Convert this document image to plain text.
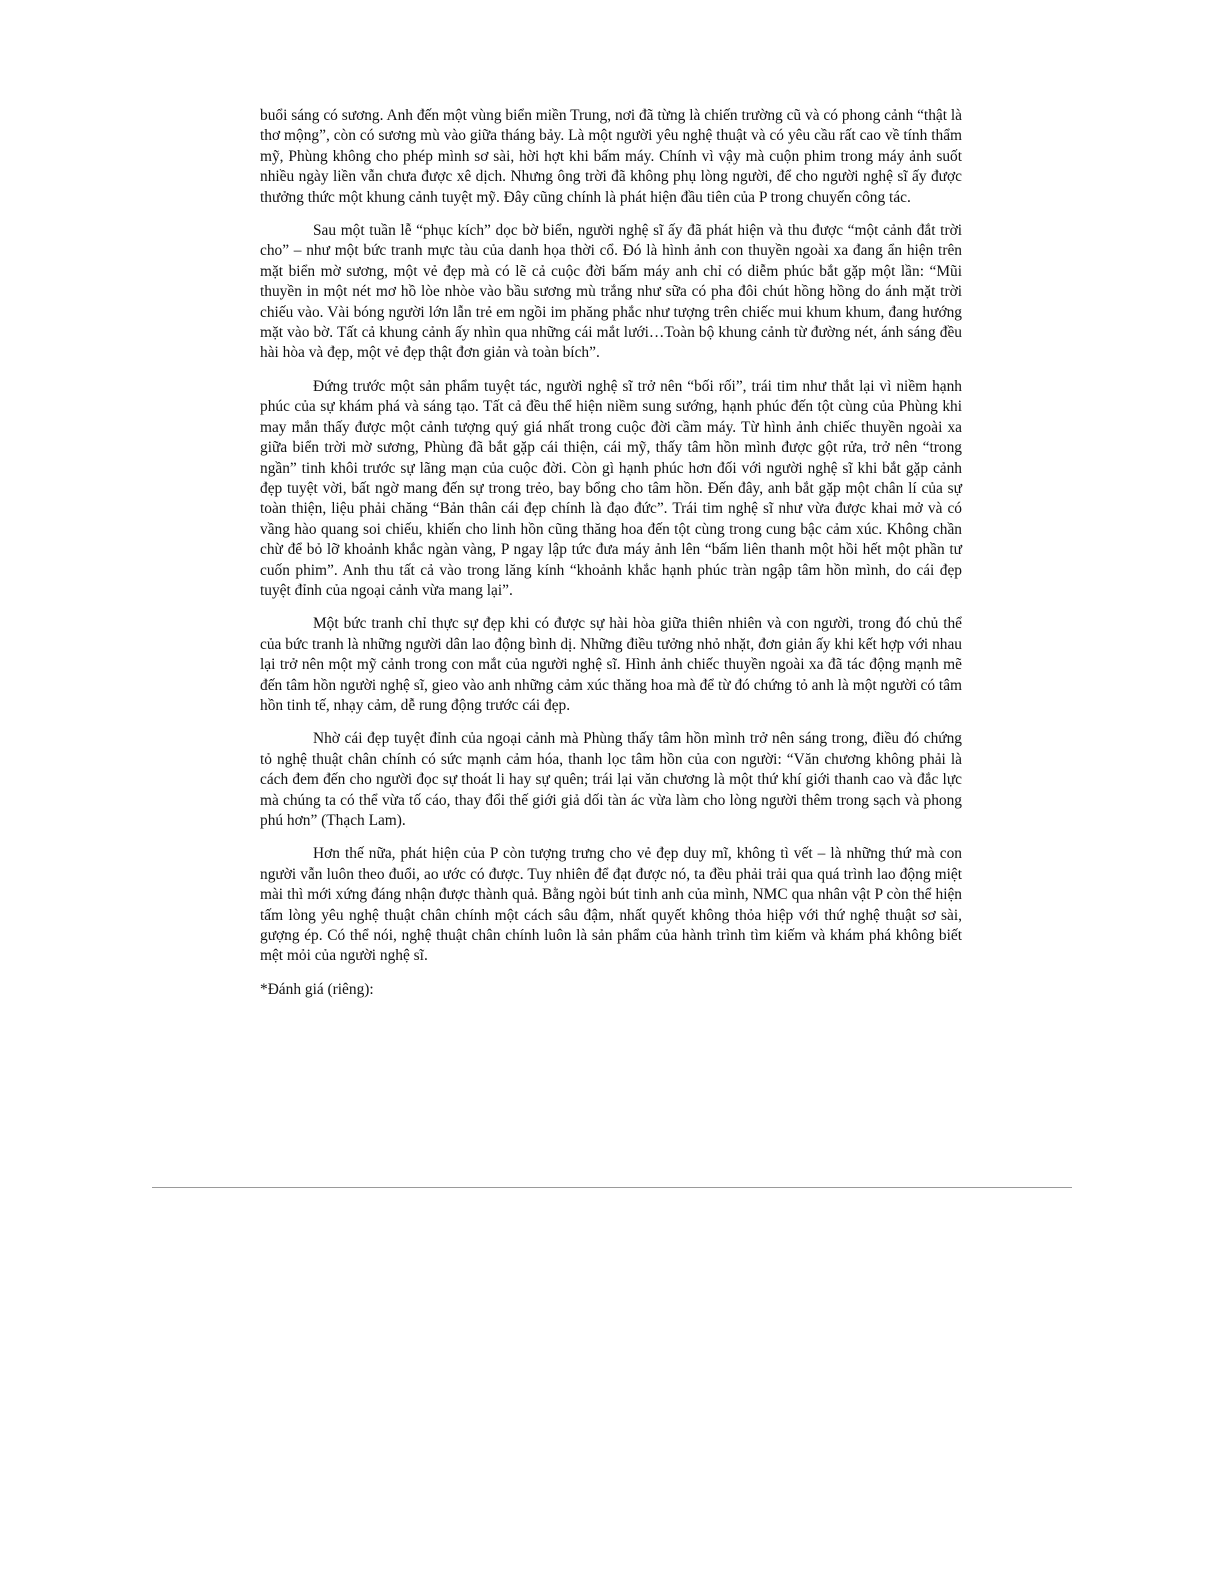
buổi sáng có sương. Anh đến một vùng biển miền Trung, nơi đã từng là chiến trường cũ và có phong cảnh “thật là thơ mộng”, còn có sương mù vào giữa tháng bảy. Là một người yêu nghệ thuật và có yêu cầu rất cao về tính thẩm mỹ, Phùng không cho phép mình sơ sài, hời hợt khi bấm máy. Chính vì vậy mà cuộn phim trong máy ảnh suốt nhiều ngày liền vẫn chưa được xê dịch. Nhưng ông trời đã không phụ lòng người, để cho người nghệ sĩ ấy được thưởng thức một khung cảnh tuyệt mỹ. Đây cũng chính là phát hiện đầu tiên của P trong chuyến công tác.

Sau một tuần lễ “phục kích” dọc bờ biển, người nghệ sĩ ấy đã phát hiện và thu được “một cảnh đắt trời cho” – như một bức tranh mực tàu của danh họa thời cổ. Đó là hình ảnh con thuyền ngoài xa đang ẩn hiện trên mặt biển mờ sương, một vẻ đẹp mà có lẽ cả cuộc đời bấm máy anh chỉ có diễm phúc bắt gặp một lần: “Mũi thuyền in một nét mơ hồ lòe nhòe vào bầu sương mù trắng như sữa có pha đôi chút hồng hồng do ánh mặt trời chiếu vào. Vài bóng người lớn lẫn trẻ em ngồi im phăng phắc như tượng trên chiếc mui khum khum, đang hướng mặt vào bờ. Tất cả khung cảnh ấy nhìn qua những cái mắt lưới…Toàn bộ khung cảnh từ đường nét, ánh sáng đều hài hòa và đẹp, một vẻ đẹp thật đơn giản và toàn bích”.

Đứng trước một sản phẩm tuyệt tác, người nghệ sĩ trở nên “bối rối”, trái tim như thắt lại vì niềm hạnh phúc của sự khám phá và sáng tạo. Tất cả đều thể hiện niềm sung sướng, hạnh phúc đến tột cùng của Phùng khi may mắn thấy được một cảnh tượng quý giá nhất trong cuộc đời cầm máy. Từ hình ảnh chiếc thuyền ngoài xa giữa biển trời mờ sương, Phùng đã bắt gặp cái thiện, cái mỹ, thấy tâm hồn mình được gột rửa, trở nên “trong ngần” tinh khôi trước sự lãng mạn của cuộc đời. Còn gì hạnh phúc hơn đối với người nghệ sĩ khi bắt gặp cảnh đẹp tuyệt vời, bất ngờ mang đến sự trong trẻo, bay bổng cho tâm hồn. Đến đây, anh bắt gặp một chân lí của sự toàn thiện, liệu phải chăng “Bản thân cái đẹp chính là đạo đức”. Trái tim nghệ sĩ như vừa được khai mở và có vầng hào quang soi chiếu, khiến cho linh hồn cũng thăng hoa đến tột cùng trong cung bậc cảm xúc. Không chần chừ để bỏ lỡ khoảnh khắc ngàn vàng, P ngay lập tức đưa máy ảnh lên “bấm liên thanh một hồi hết một phần tư cuốn phim”. Anh thu tất cả vào trong lăng kính “khoảnh khắc hạnh phúc tràn ngập tâm hồn mình, do cái đẹp tuyệt đỉnh của ngoại cảnh vừa mang lại”.

Một bức tranh chỉ thực sự đẹp khi có được sự hài hòa giữa thiên nhiên và con người, trong đó chủ thể của bức tranh là những người dân lao động bình dị. Những điều tưởng nhỏ nhặt, đơn giản ấy khi kết hợp với nhau lại trở nên một mỹ cảnh trong con mắt của người nghệ sĩ. Hình ảnh chiếc thuyền ngoài xa đã tác động mạnh mẽ đến tâm hồn người nghệ sĩ, gieo vào anh những cảm xúc thăng hoa mà để từ đó chứng tỏ anh là một người có tâm hồn tinh tế, nhạy cảm, dễ rung động trước cái đẹp.

Nhờ cái đẹp tuyệt đỉnh của ngoại cảnh mà Phùng thấy tâm hồn mình trở nên sáng trong, điều đó chứng tỏ nghệ thuật chân chính có sức mạnh cảm hóa, thanh lọc tâm hồn của con người: “Văn chương không phải là cách đem đến cho người đọc sự thoát li hay sự quên; trái lại văn chương là một thứ khí giới thanh cao và đắc lực mà chúng ta có thể vừa tố cáo, thay đổi thế giới giả dối tàn ác vừa làm cho lòng người thêm trong sạch và phong phú hơn” (Thạch Lam).

Hơn thế nữa, phát hiện của P còn tượng trưng cho vẻ đẹp duy mĩ, không tì vết – là những thứ mà con người vẫn luôn theo đuổi, ao ước có được. Tuy nhiên để đạt được nó, ta đều phải trải qua quá trình lao động miệt mài thì mới xứng đáng nhận được thành quả. Bằng ngòi bút tinh anh của mình, NMC qua nhân vật P còn thể hiện tấm lòng yêu nghệ thuật chân chính một cách sâu đậm, nhất quyết không thỏa hiệp với thứ nghệ thuật sơ sài, gượng ép. Có thể nói, nghệ thuật chân chính luôn là sản phẩm của hành trình tìm kiếm và khám phá không biết mệt mỏi của người nghệ sĩ.

*Đánh giá (riêng):
